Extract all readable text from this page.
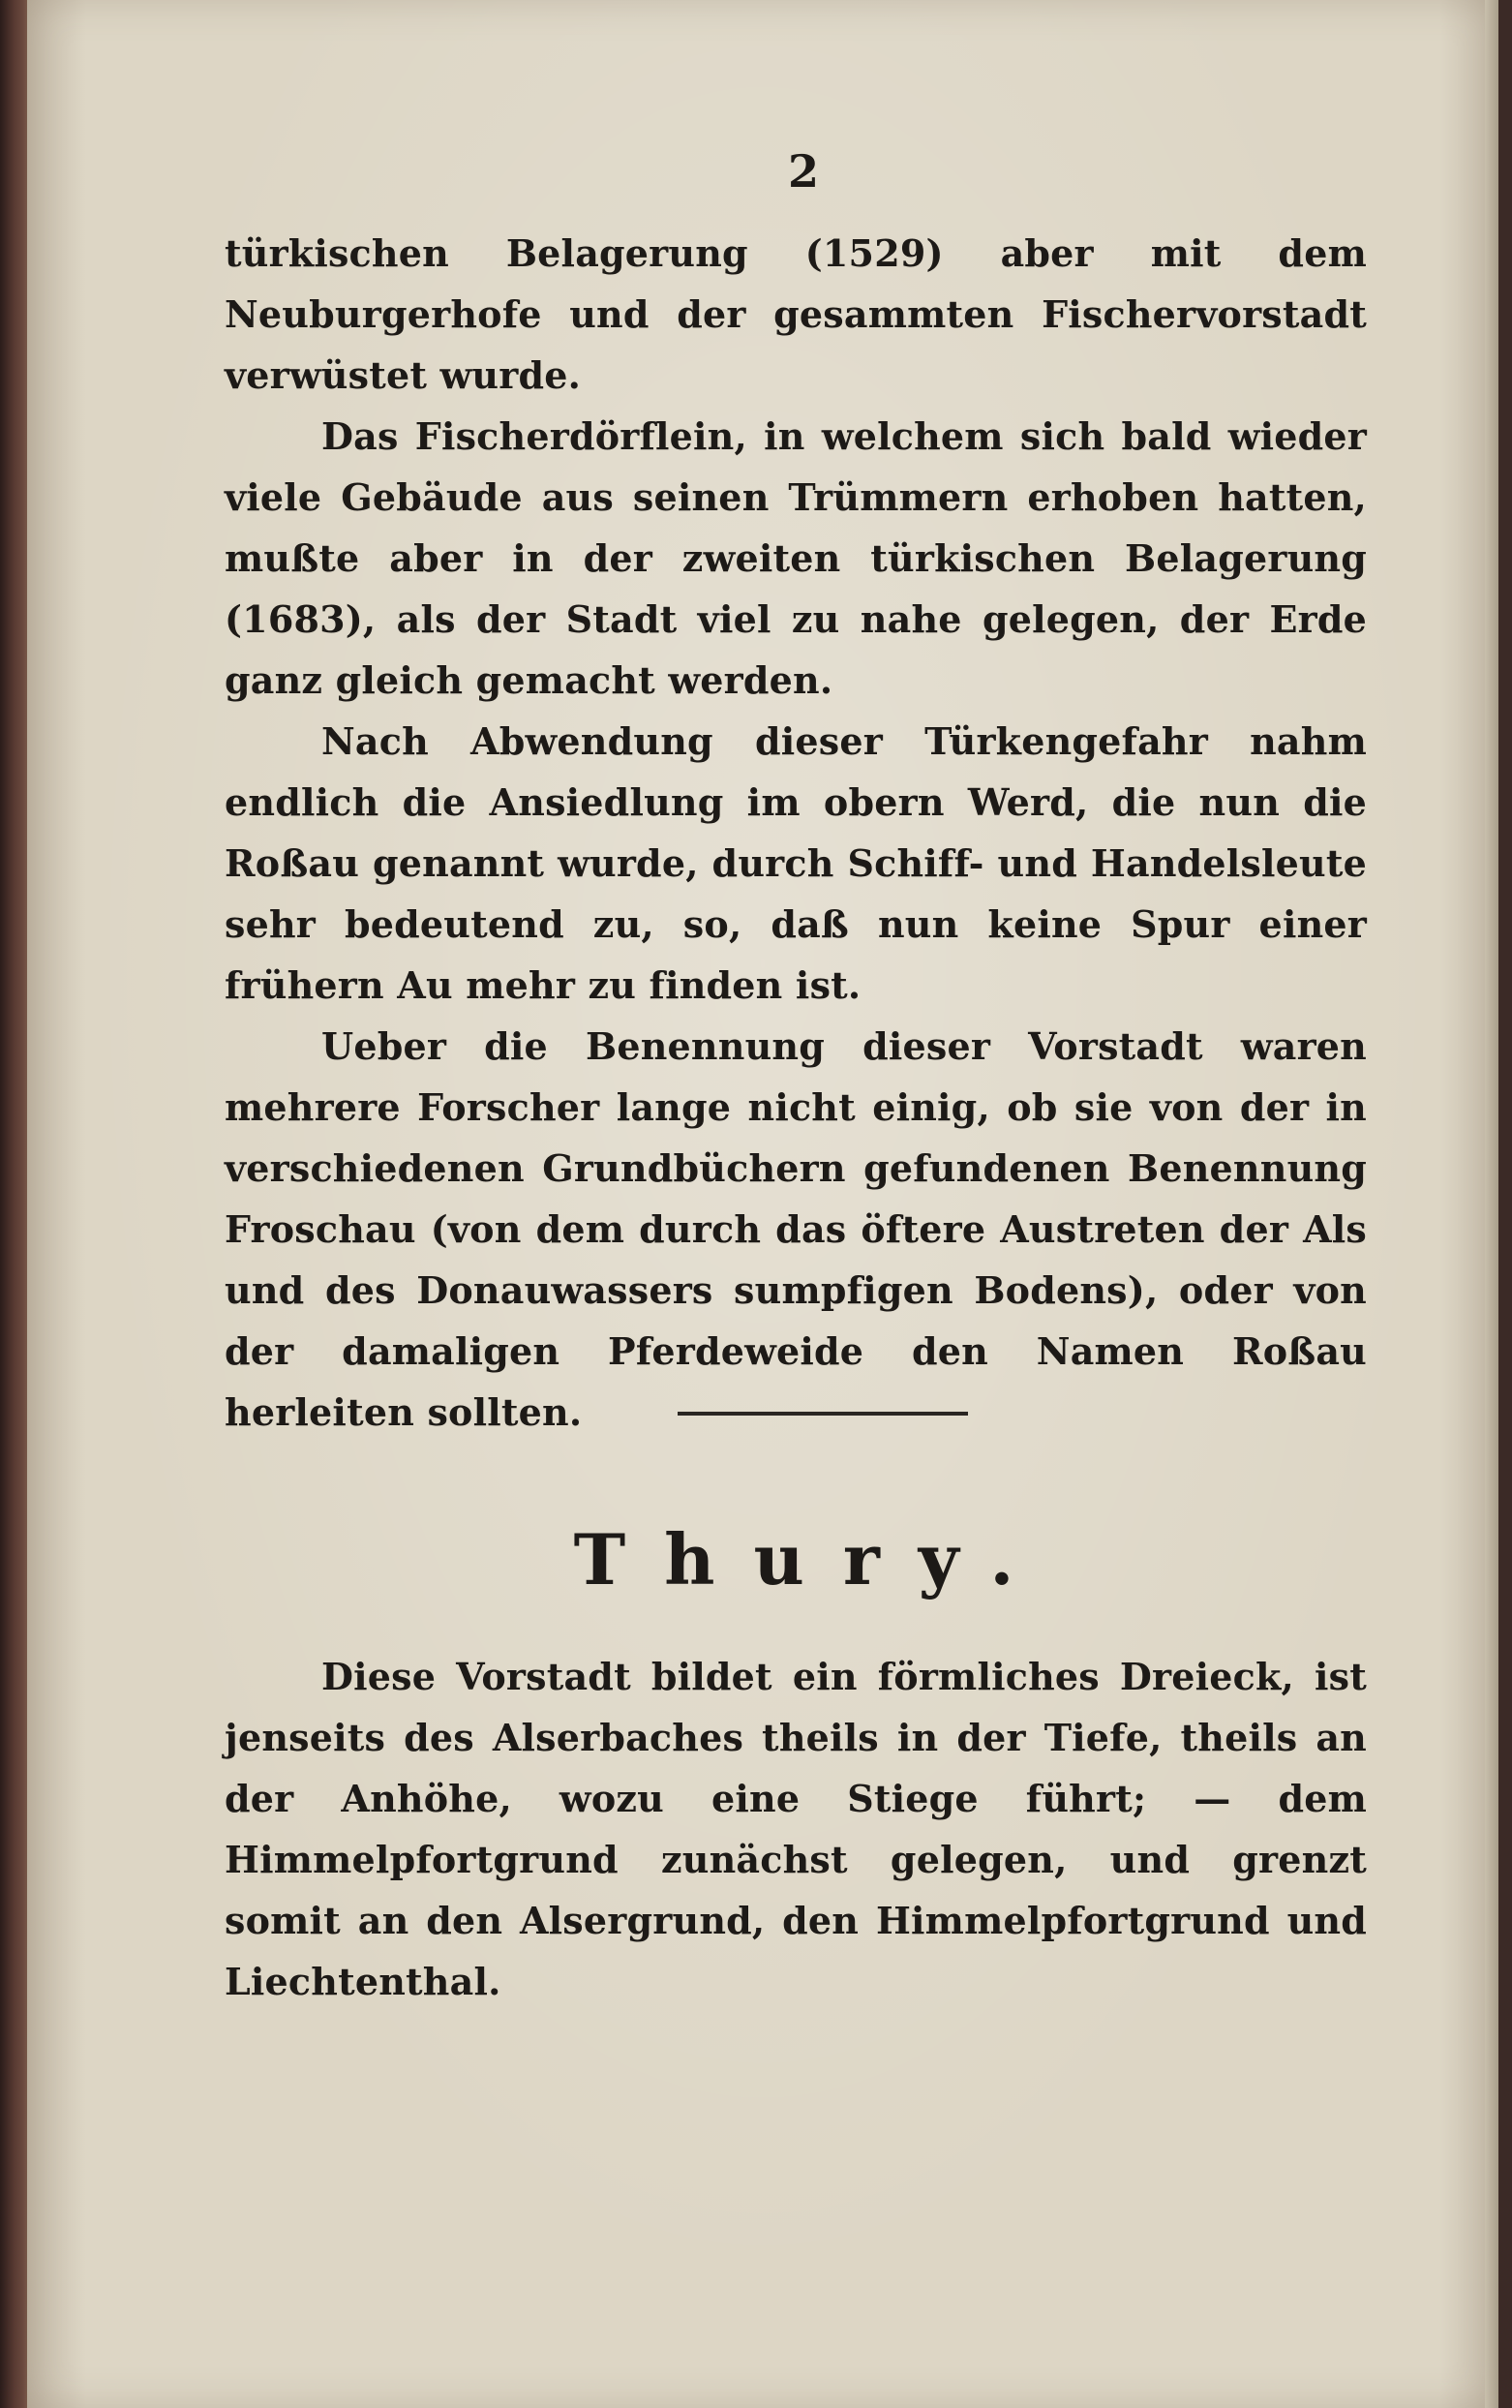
2

türkischen Belagerung (1529) aber mit dem Neuburgerhofe und der gesammten Fischervorstadt verwüstet wurde.

Das Fischerdörflein, in welchem sich bald wieder viele Gebäude aus seinen Trümmern erhoben hatten, mußte aber in der zweiten türkischen Belagerung (1683), als der Stadt viel zu nahe gelegen, der Erde ganz gleich gemacht werden.

Nach Abwendung dieser Türkengefahr nahm endlich die Ansiedlung im obern Werd, die nun die Roßau genannt wurde, durch Schiff- und Handelsleute sehr bedeutend zu, so, daß nun keine Spur einer frühern Au mehr zu finden ist.

Ueber die Benennung dieser Vorstadt waren mehrere Forscher lange nicht einig, ob sie von der in verschiedenen Grundbüchern gefundenen Benennung Froschau (von dem durch das öftere Austreten der Als und des Donauwassers sumpfigen Bodens), oder von der damaligen Pferdeweide den Namen Roßau herleiten sollten.

Thury.

Diese Vorstadt bildet ein förmliches Dreieck, ist jenseits des Alserbaches theils in der Tiefe, theils an der Anhöhe, wozu eine Stiege führt; — dem Himmelpfortgrund zunächst gelegen, und grenzt somit an den Alsergrund, den Himmelpfortgrund und Liechtenthal.
